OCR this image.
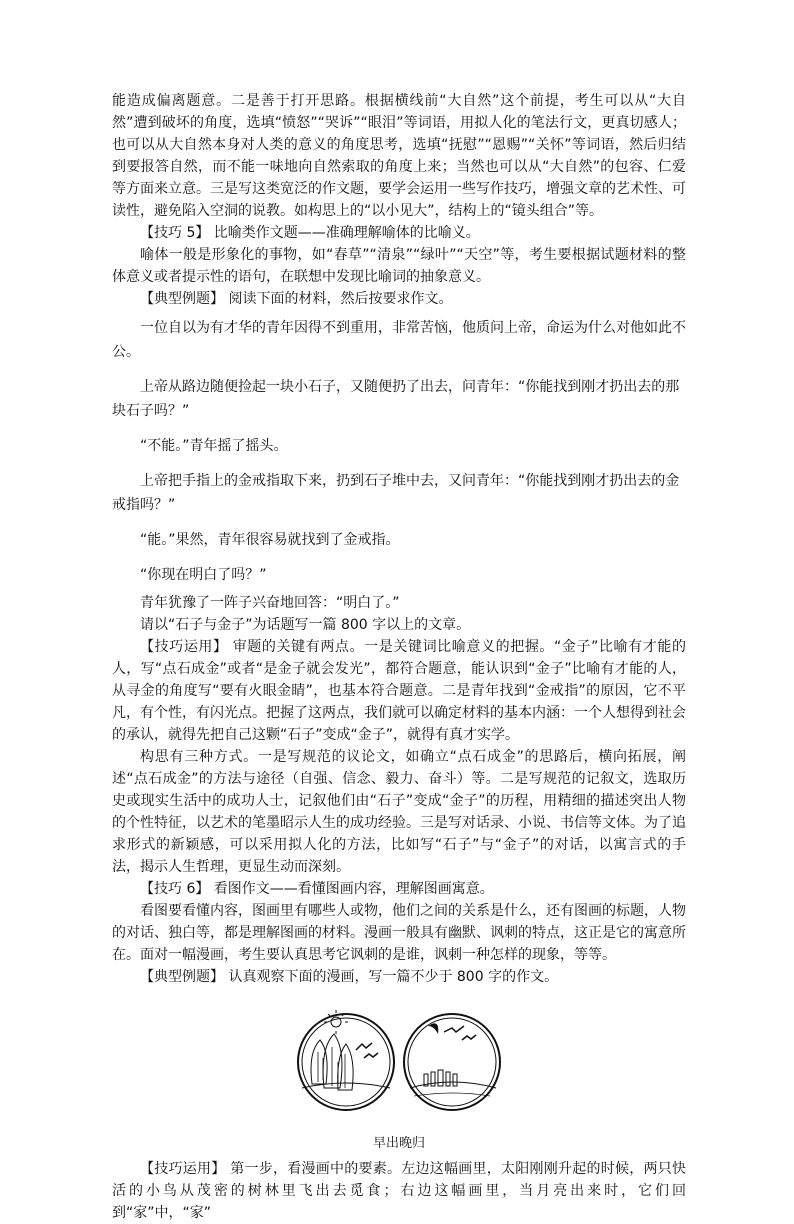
能造成偏离题意。二是善于打开思路。根据横线前“大自然”这个前提，考生可以从“大自然”遭到破坏的角度，选填“愤怒”“哭诉”“眼泪”等词语，用拟人化的笔法行文，更真切感人；也可以从大自然本身对人类的意义的角度思考，选填“抚慰”“恩赐”“关怀”等词语，然后归结到要报答自然，而不能一味地向自然索取的角度上来；当然也可以从“大自然”的包容、仁爱等方面来立意。三是写这类宽泛的作文题，要学会运用一些写作技巧，增强文章的艺术性、可读性，避免陷入空洞的说教。如构思上的“以小见大”，结构上的“镜头组合”等。

【技巧 5】 比喻类作文题——准确理解喻体的比喻义。

喻体一般是形象化的事物，如“春草”“清泉”“绿叶”“天空”等，考生要根据试题材料的整体意义或者提示性的语句，在联想中发现比喻词的抽象意义。

【典型例题】 阅读下面的材料，然后按要求作文。

一位自以为有才华的青年因得不到重用，非常苦恼，他质问上帝，命运为什么对他如此不公。

上帝从路边随便捡起一块小石子，又随便扔了出去，问青年：“你能找到刚才扔出去的那块石子吗？”

“不能。”青年摇了摇头。

上帝把手指上的金戒指取下来，扔到石子堆中去，又问青年：“你能找到刚才扔出去的金戒指吗？”

“能。”果然，青年很容易就找到了金戒指。

“你现在明白了吗？”

青年犹豫了一阵子兴奋地回答：“明白了。”

请以“石子与金子”为话题写一篇 800 字以上的文章。

【技巧运用】 审题的关键有两点。一是关键词比喻意义的把握。“金子”比喻有才能的人，写“点石成金”或者“是金子就会发光”，都符合题意，能认识到“金子”比喻有才能的人，从寻金的角度写“要有火眼金睛”，也基本符合题意。二是青年找到“金戒指”的原因，它不平凡，有个性，有闪光点。把握了这两点，我们就可以确定材料的基本内涵：一个人想得到社会的承认，就得先把自己这颗“石子”变成“金子”，就得有真才实学。

构思有三种方式。一是写规范的议论文，如确立“点石成金”的思路后，横向拓展，阐述“点石成金”的方法与途径（自强、信念、毅力、奋斗）等。二是写规范的记叙文，选取历史或现实生活中的成功人士，记叙他们由“石子”变成“金子”的历程，用精细的描述突出人物的个性特征，以艺术的笔墨昭示人生的成功经验。三是写对话录、小说、书信等文体。为了追求形式的新颖感，可以采用拟人化的方法，比如写“石子”与“金子”的对话，以寓言式的手法，揭示人生哲理，更显生动而深刻。

【技巧 6】 看图作文——看懂图画内容，理解图画寓意。

看图要看懂内容，图画里有哪些人或物，他们之间的关系是什么，还有图画的标题，人物的对话、独白等，都是理解图画的材料。漫画一般具有幽默、讽刺的特点，这正是它的寓意所在。面对一幅漫画，考生要认真思考它讽刺的是谁，讽刺一种怎样的现象，等等。

【典型例题】 认真观察下面的漫画，写一篇不少于 800 字的作文。

早出晚归

【技巧运用】 第一步，看漫画中的要素。左边这幅画里，太阳刚刚升起的时候，两只快活的小鸟从茂密的树林里飞出去觅食；右边这幅画里，当月亮出来时，它们回到“家”中，“家”
